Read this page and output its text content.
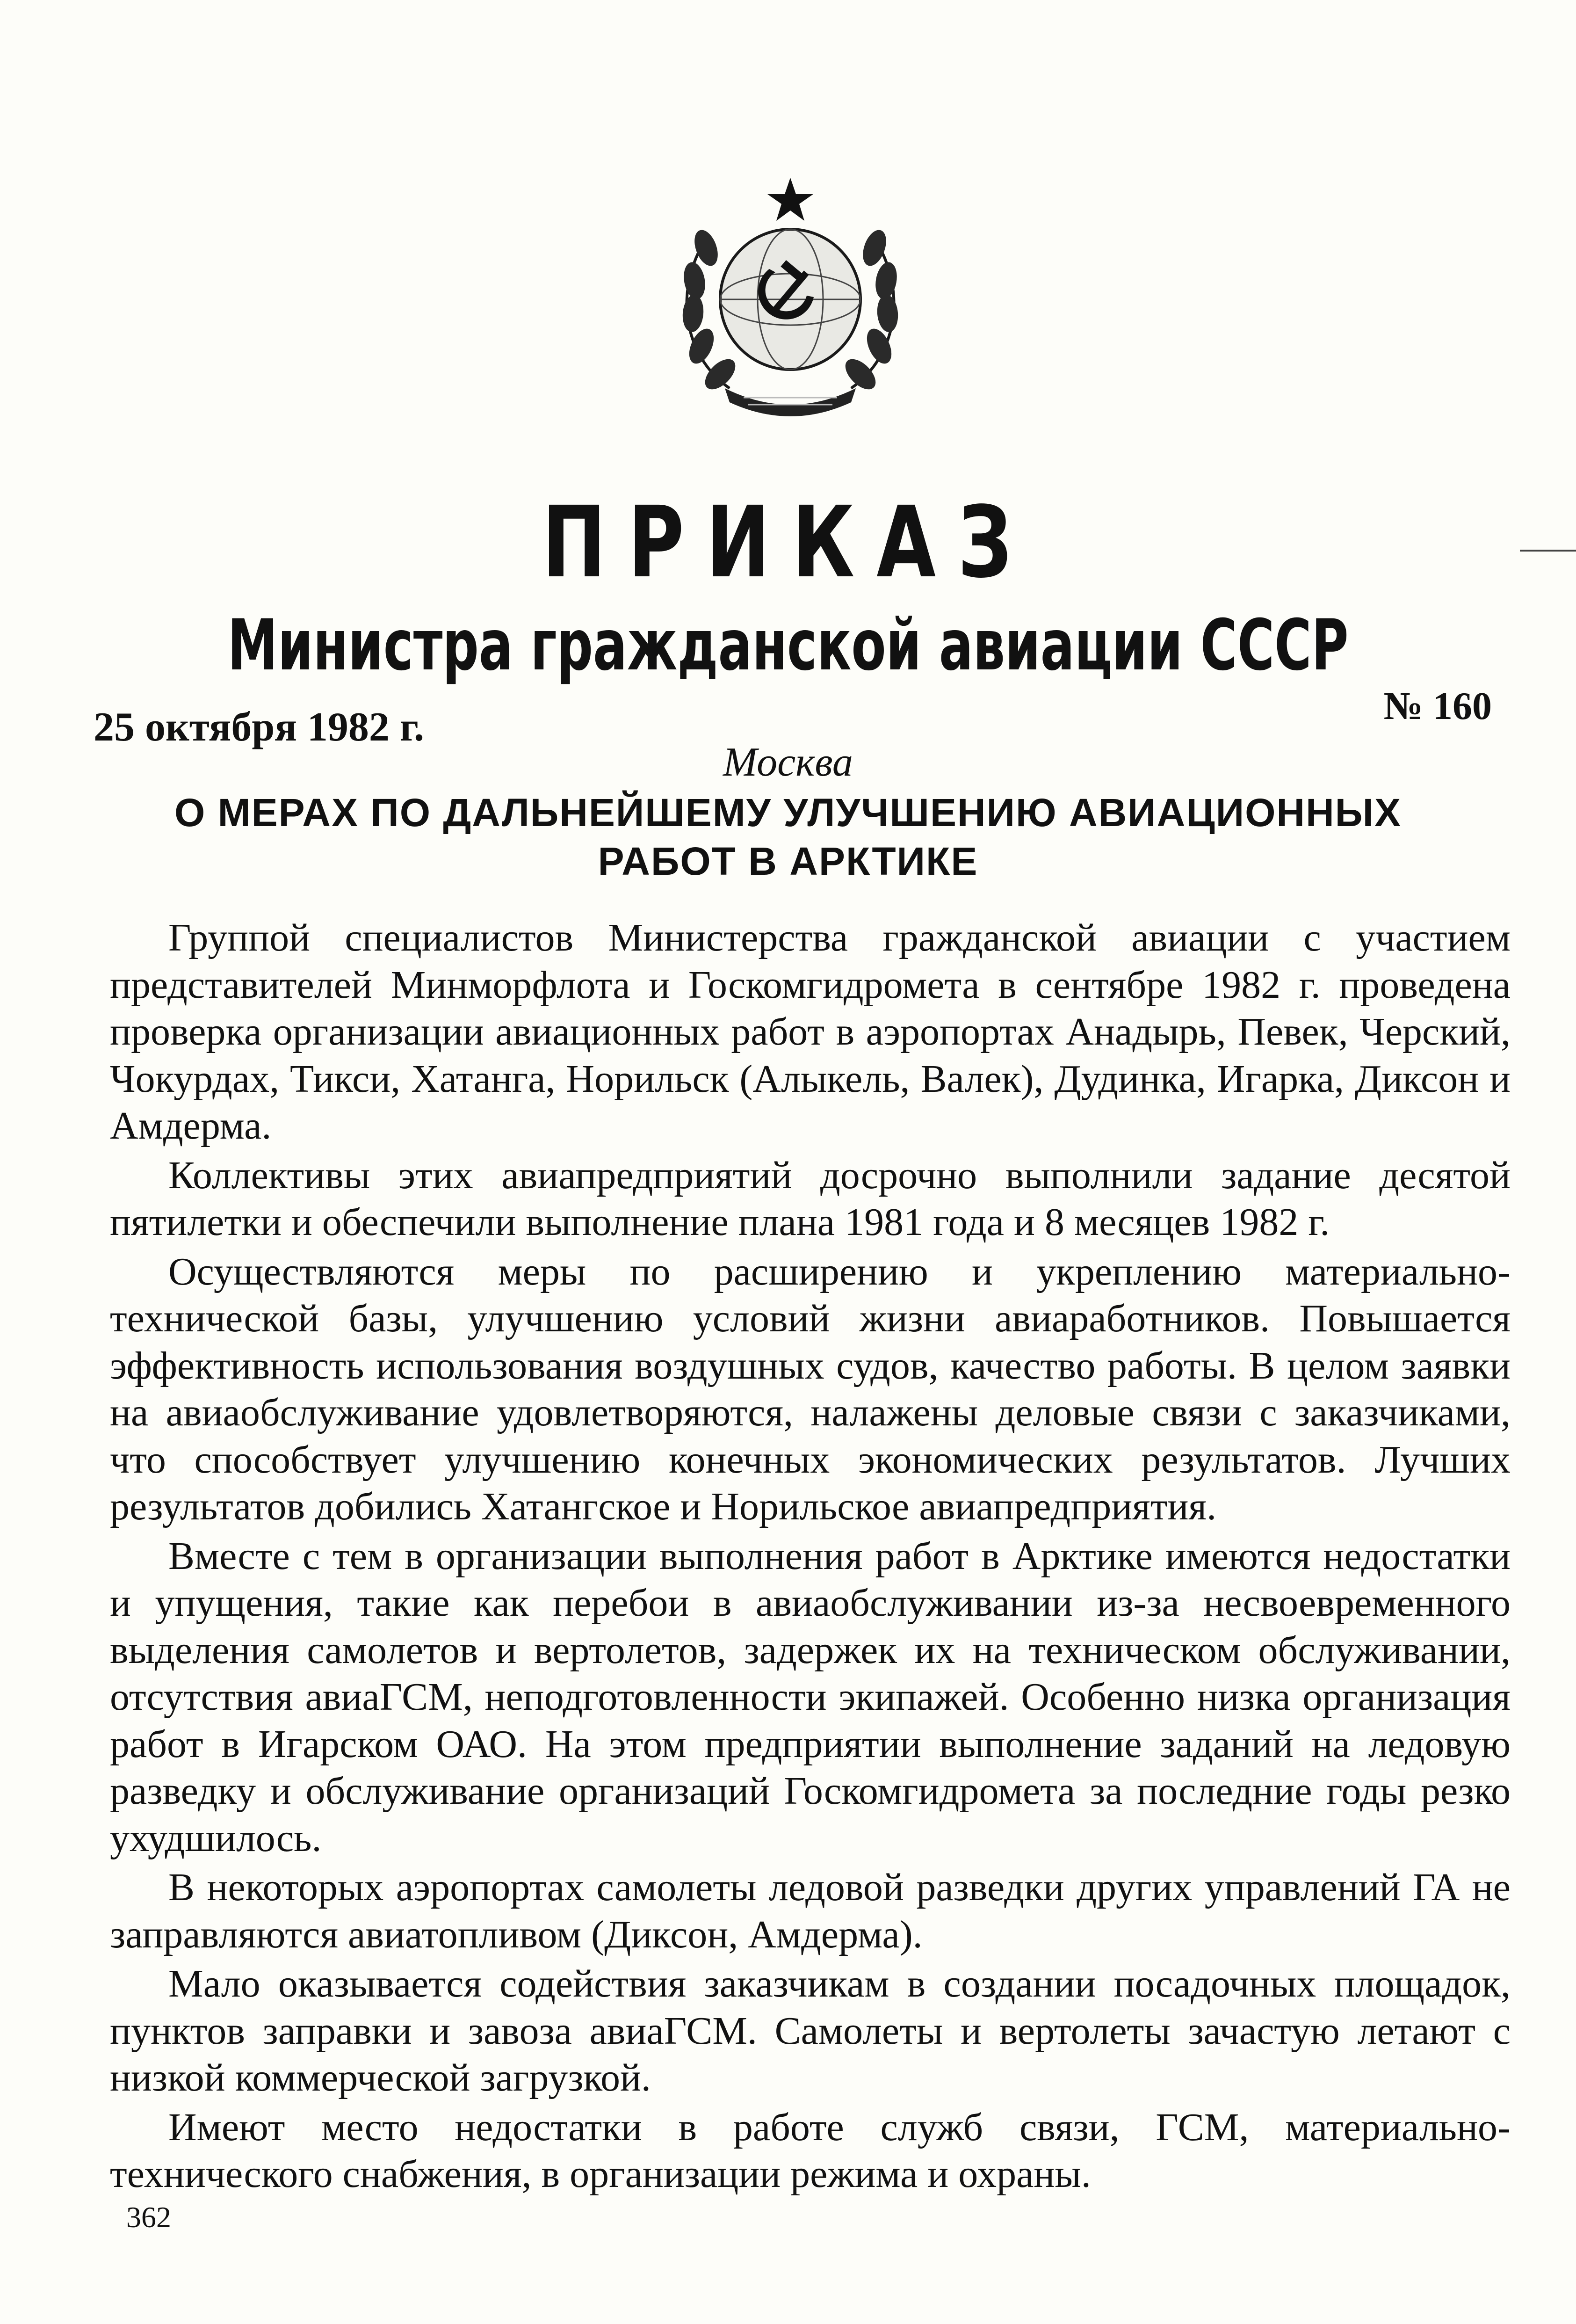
ПРИКАЗ
Министра гражданской авиации СССР
25 октября 1982 г.	№ 160
Москва
О МЕРАХ ПО ДАЛЬНЕЙШЕМУ УЛУЧШЕНИЮ АВИАЦИОННЫХ
РАБОТ В АРКТИКЕ

Группой специалистов Министерства гражданской авиации с участием представителей Минморфлота и Госкомгидромета в сентябре 1982 г. проведена проверка организации авиационных работ в аэропортах Анадырь, Певек, Черский, Чокурдах, Тикси, Хатанга, Норильск (Алыкель, Валек), Дудинка, Игарка, Диксон и Амдерма.

Коллективы этих авиапредприятий досрочно выполнили задание десятой пятилетки и обеспечили выполнение плана 1981 года и 8 месяцев 1982 г.

Осуществляются меры по расширению и укреплению материально-технической базы, улучшению условий жизни авиаработников. Повышается эффективность использования воздушных судов, качество работы. В целом заявки на авиаобслуживание удовлетворяются, налажены деловые связи с заказчиками, что способствует улучшению конечных экономических результатов. Лучших результатов добились Хатангское и Норильское авиапредприятия.

Вместе с тем в организации выполнения работ в Арктике имеются недостатки и упущения, такие как перебои в авиаобслуживании из-за несвоевременного выделения самолетов и вертолетов, задержек их на техническом обслуживании, отсутствия авиаГСМ, неподготовленности экипажей. Особенно низка организация работ в Игарском ОАО. На этом предприятии выполнение заданий на ледовую разведку и обслуживание организаций Госкомгидромета за последние годы резко ухудшилось.

В некоторых аэропортах самолеты ледовой разведки других управлений ГА не заправляются авиатопливом (Диксон, Амдерма).

Мало оказывается содействия заказчикам в создании посадочных площадок, пунктов заправки и завоза авиаГСМ. Самолеты и вертолеты зачастую летают с низкой коммерческой загрузкой.

Имеют место недостатки в работе служб связи, ГСМ, материально-технического снабжения, в организации режима и охраны.

362
